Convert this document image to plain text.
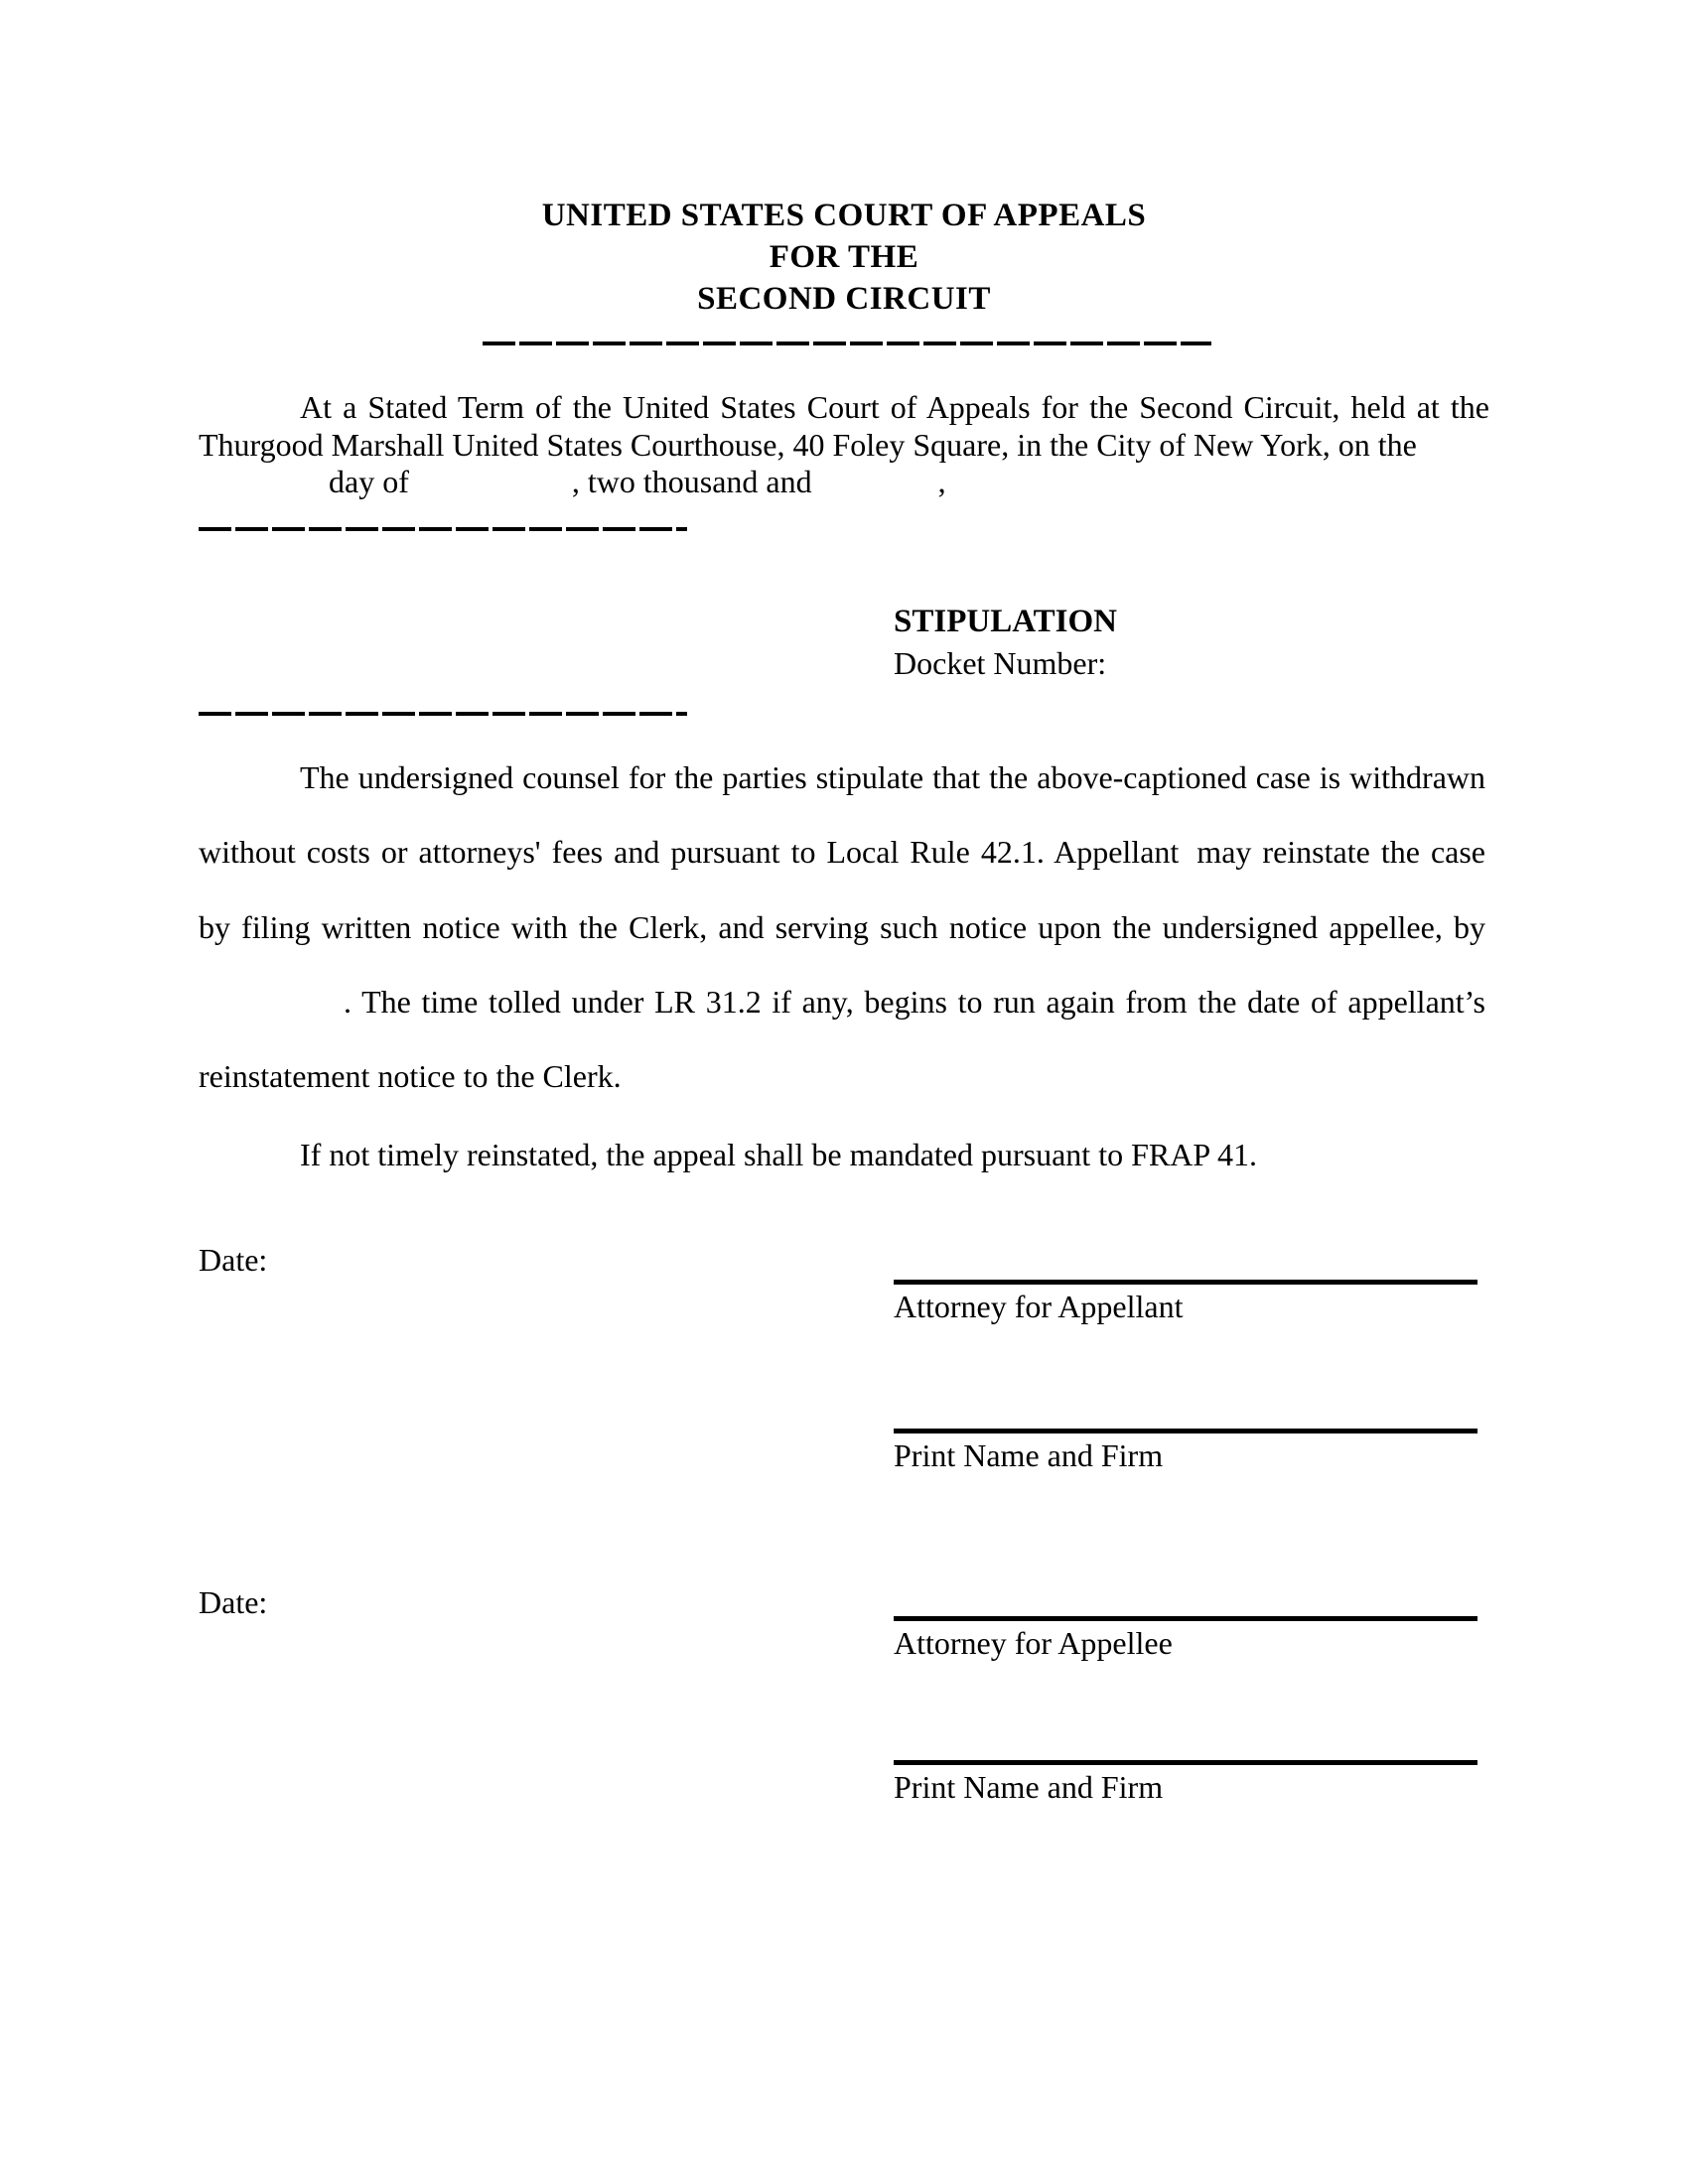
UNITED STATES COURT OF APPEALS
FOR THE
SECOND CIRCUIT
At a Stated Term of the United States Court of Appeals for the Second Circuit, held at the
Thurgood Marshall United States Courthouse, 40 Foley Square, in the City of New York, on the
day of	, two thousand and	,
STIPULATION
Docket Number:
The undersigned counsel for the parties stipulate that the above-captioned case is withdrawn
without costs or attorneys' fees and pursuant to Local Rule 42.1. Appellant may reinstate the case
by filing written notice with the Clerk, and serving such notice upon the undersigned appellee, by
. The time tolled under LR 31.2 if any, begins to run again from the date of appellant’s
reinstatement notice to the Clerk.
If not timely reinstated, the appeal shall be mandated pursuant to FRAP 41.
Date:
Attorney for Appellant
Print Name and Firm
Date:
Attorney for Appellee
Print Name and Firm
